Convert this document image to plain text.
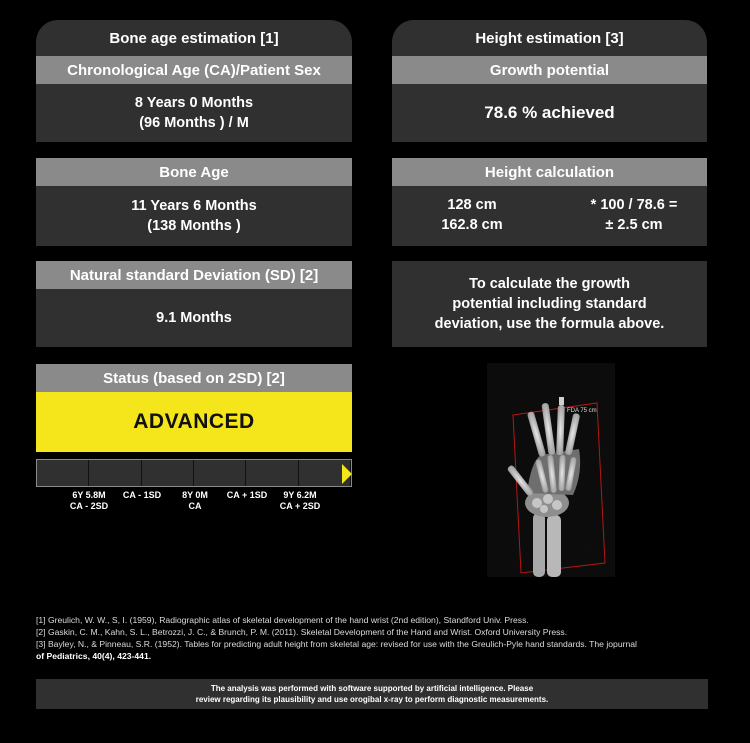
Bone age estimation [1]
Chronological Age (CA)/Patient Sex
8 Years 0 Months
(96 Months ) / M
Bone Age
11 Years 6 Months
(138 Months )
Natural standard Deviation (SD) [2]
9.1 Months
Status (based on 2SD) [2]
ADVANCED
6Y 5.8M
CA - 2SD
CA - 1SD	8Y 0M
CA
CA + 1SD	9Y 6.2M
CA + 2SD
Height estimation [3]
Growth potential
78.6 % achieved
Height calculation
128 cm
162.8 cm
* 100 / 78.6 =
± 2.5 cm
To calculate the growth
potential including standard
deviation, use the formula above.
...
FDA 75 cm
[1] Greulich, W. W., S, I. (1959), Radiographic atlas of skeletal development of the hand wrist (2nd edition), Standford Univ. Press.
[2] Gaskin, C. M., Kahn, S. L., Betrozzi, J. C., & Brunch, P. M. (2011). Skeletal Development of the Hand and Wrist. Oxford University Press.
[3] Bayley, N., & Pinneau, S.R. (1952). Tables for predicting adult height from skeletal age: revised for use with the Greulich-Pyle hand standards. The jopurnal
of Pediatrics, 40(4), 423-441.
The analysis was performed with software supported by artificial intelligence. Please
review regarding its plausibility and use orogibal x-ray to perform diagnostic measurements.
